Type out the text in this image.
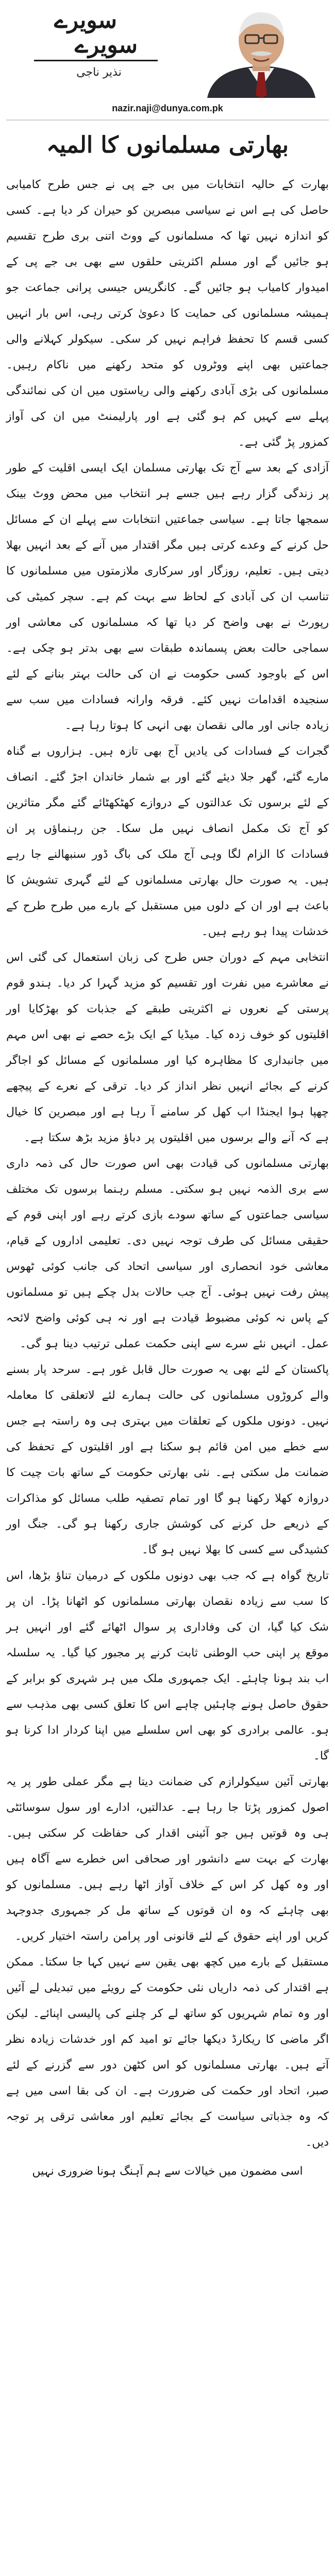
سویرے
سویرے
نذیر ناجی
nazir.naji@dunya.com.pk
بھارتی مسلمانوں کا المیہ

بھارت کے حالیہ انتخابات میں بی جے پی نے جس طرح کامیابی حاصل کی ہے اس نے سیاسی مبصرین کو حیران کر دیا ہے۔ کسی کو اندازہ نہیں تھا کہ مسلمانوں کے ووٹ اتنی بری طرح تقسیم ہو جائیں گے اور مسلم اکثریتی حلقوں سے بھی بی جے پی کے امیدوار کامیاب ہو جائیں گے۔ کانگریس جیسی پرانی جماعت جو ہمیشہ مسلمانوں کی حمایت کا دعویٰ کرتی رہی، اس بار انہیں کسی قسم کا تحفظ فراہم نہیں کر سکی۔ سیکولر کہلانے والی جماعتیں بھی اپنے ووٹروں کو متحد رکھنے میں ناکام رہیں۔ مسلمانوں کی بڑی آبادی رکھنے والی ریاستوں میں ان کی نمائندگی پہلے سے کہیں کم ہو گئی ہے اور پارلیمنٹ میں ان کی آواز کمزور پڑ گئی ہے۔

آزادی کے بعد سے آج تک بھارتی مسلمان ایک ایسی اقلیت کے طور پر زندگی گزار رہے ہیں جسے ہر انتخاب میں محض ووٹ بینک سمجھا جاتا ہے۔ سیاسی جماعتیں انتخابات سے پہلے ان کے مسائل حل کرنے کے وعدے کرتی ہیں مگر اقتدار میں آنے کے بعد انہیں بھلا دیتی ہیں۔ تعلیم، روزگار اور سرکاری ملازمتوں میں مسلمانوں کا تناسب ان کی آبادی کے لحاظ سے بہت کم ہے۔ سچر کمیٹی کی رپورٹ نے بھی واضح کر دیا تھا کہ مسلمانوں کی معاشی اور سماجی حالت بعض پسماندہ طبقات سے بھی بدتر ہو چکی ہے۔ اس کے باوجود کسی حکومت نے ان کی حالت بہتر بنانے کے لئے سنجیدہ اقدامات نہیں کئے۔ فرقہ وارانہ فسادات میں سب سے زیادہ جانی اور مالی نقصان بھی انہی کا ہوتا رہا ہے۔

گجرات کے فسادات کی یادیں آج بھی تازہ ہیں۔ ہزاروں بے گناہ مارے گئے، گھر جلا دیئے گئے اور بے شمار خاندان اجڑ گئے۔ انصاف کے لئے برسوں تک عدالتوں کے دروازے کھٹکھٹائے گئے مگر متاثرین کو آج تک مکمل انصاف نہیں مل سکا۔ جن رہنماؤں پر ان فسادات کا الزام لگا وہی آج ملک کی باگ ڈور سنبھالنے جا رہے ہیں۔ یہ صورت حال بھارتی مسلمانوں کے لئے گہری تشویش کا باعث ہے اور ان کے دلوں میں مستقبل کے بارے میں طرح طرح کے خدشات پیدا ہو رہے ہیں۔

انتخابی مہم کے دوران جس طرح کی زبان استعمال کی گئی اس نے معاشرے میں نفرت اور تقسیم کو مزید گہرا کر دیا۔ ہندو قوم پرستی کے نعروں نے اکثریتی طبقے کے جذبات کو بھڑکایا اور اقلیتوں کو خوف زدہ کیا۔ میڈیا کے ایک بڑے حصے نے بھی اس مہم میں جانبداری کا مظاہرہ کیا اور مسلمانوں کے مسائل کو اجاگر کرنے کے بجائے انہیں نظر انداز کر دیا۔ ترقی کے نعرے کے پیچھے چھپا ہوا ایجنڈا اب کھل کر سامنے آ رہا ہے اور مبصرین کا خیال ہے کہ آنے والے برسوں میں اقلیتوں پر دباؤ مزید بڑھ سکتا ہے۔

بھارتی مسلمانوں کی قیادت بھی اس صورت حال کی ذمہ داری سے بری الذمہ نہیں ہو سکتی۔ مسلم رہنما برسوں تک مختلف سیاسی جماعتوں کے ساتھ سودے بازی کرتے رہے اور اپنی قوم کے حقیقی مسائل کی طرف توجہ نہیں دی۔ تعلیمی اداروں کے قیام، معاشی خود انحصاری اور سیاسی اتحاد کی جانب کوئی ٹھوس پیش رفت نہیں ہوئی۔ آج جب حالات بدل چکے ہیں تو مسلمانوں کے پاس نہ کوئی مضبوط قیادت ہے اور نہ ہی کوئی واضح لائحہ عمل۔ انہیں نئے سرے سے اپنی حکمت عملی ترتیب دینا ہو گی۔

پاکستان کے لئے بھی یہ صورت حال قابل غور ہے۔ سرحد پار بسنے والے کروڑوں مسلمانوں کی حالت ہمارے لئے لاتعلقی کا معاملہ نہیں۔ دونوں ملکوں کے تعلقات میں بہتری ہی وہ راستہ ہے جس سے خطے میں امن قائم ہو سکتا ہے اور اقلیتوں کے تحفظ کی ضمانت مل سکتی ہے۔ نئی بھارتی حکومت کے ساتھ بات چیت کا دروازہ کھلا رکھنا ہو گا اور تمام تصفیہ طلب مسائل کو مذاکرات کے ذریعے حل کرنے کی کوشش جاری رکھنا ہو گی۔ جنگ اور کشیدگی سے کسی کا بھلا نہیں ہو گا۔

تاریخ گواہ ہے کہ جب بھی دونوں ملکوں کے درمیان تناؤ بڑھا، اس کا سب سے زیادہ نقصان بھارتی مسلمانوں کو اٹھانا پڑا۔ ان پر شک کیا گیا، ان کی وفاداری پر سوال اٹھائے گئے اور انہیں ہر موقع پر اپنی حب الوطنی ثابت کرنے پر مجبور کیا گیا۔ یہ سلسلہ اب بند ہونا چاہئے۔ ایک جمہوری ملک میں ہر شہری کو برابر کے حقوق حاصل ہونے چاہئیں چاہے اس کا تعلق کسی بھی مذہب سے ہو۔ عالمی برادری کو بھی اس سلسلے میں اپنا کردار ادا کرنا ہو گا۔

بھارتی آئین سیکولرازم کی ضمانت دیتا ہے مگر عملی طور پر یہ اصول کمزور پڑتا جا رہا ہے۔ عدالتیں، ادارے اور سول سوسائٹی ہی وہ قوتیں ہیں جو آئینی اقدار کی حفاظت کر سکتی ہیں۔ بھارت کے بہت سے دانشور اور صحافی اس خطرے سے آگاہ ہیں اور وہ کھل کر اس کے خلاف آواز اٹھا رہے ہیں۔ مسلمانوں کو بھی چاہئے کہ وہ ان قوتوں کے ساتھ مل کر جمہوری جدوجہد کریں اور اپنے حقوق کے لئے قانونی اور پرامن راستہ اختیار کریں۔

مستقبل کے بارے میں کچھ بھی یقین سے نہیں کہا جا سکتا۔ ممکن ہے اقتدار کی ذمہ داریاں نئی حکومت کے رویئے میں تبدیلی لے آئیں اور وہ تمام شہریوں کو ساتھ لے کر چلنے کی پالیسی اپنائے۔ لیکن اگر ماضی کا ریکارڈ دیکھا جائے تو امید کم اور خدشات زیادہ نظر آتے ہیں۔ بھارتی مسلمانوں کو اس کٹھن دور سے گزرنے کے لئے صبر، اتحاد اور حکمت کی ضرورت ہے۔ ان کی بقا اسی میں ہے کہ وہ جذباتی سیاست کے بجائے تعلیم اور معاشی ترقی پر توجہ دیں۔

اسی مضمون میں خیالات سے ہم آہنگ ہونا ضروری نہیں
